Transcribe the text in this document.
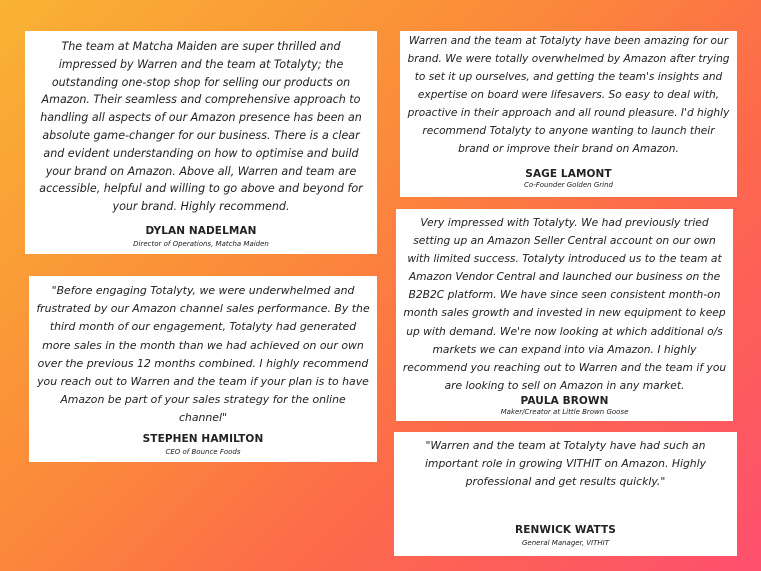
The team at Matcha Maiden are super thrilled and impressed by Warren and the team at Totalyty; the outstanding one-stop shop for selling our products on Amazon. Their seamless and comprehensive approach to handling all aspects of our Amazon presence has been an absolute game-changer for our business. There is a clear and evident understanding on how to optimise and build your brand on Amazon. Above all, Warren and team are accessible, helpful and willing to go above and beyond for your brand. Highly recommend.

DYLAN NADELMAN

Director of Operations, Matcha Maiden

Warren and the team at Totalyty have been amazing for our brand. We were totally overwhelmed by Amazon after trying to set it up ourselves, and getting the team's insights and expertise on board were lifesavers. So easy to deal with, proactive in their approach and all round pleasure. I'd highly recommend Totalyty to anyone wanting to launch their brand or improve their brand on Amazon.

SAGE LAMONT

Co-Founder Golden Grind

"Before engaging Totalyty, we were underwhelmed and frustrated by our Amazon channel sales performance. By the third month of our engagement, Totalyty had generated more sales in the month than we had achieved on our own over the previous 12 months combined. I highly recommend you reach out to Warren and the team if your plan is to have Amazon be part of your sales strategy for the online channel"

STEPHEN HAMILTON

CEO of Bounce Foods

Very impressed with Totalyty. We had previously tried setting up an Amazon Seller Central account on our own with limited success. Totalyty introduced us to the team at Amazon Vendor Central and launched our business on the B2B2C platform. We have since seen consistent month-on month sales growth and invested in new equipment to keep up with demand. We're now looking at which additional o/s markets we can expand into via Amazon. I highly recommend you reaching out to Warren and the team if you are looking to sell on Amazon in any market.

PAULA BROWN

Maker/Creator at Little Brown Goose

"Warren and the team at Totalyty have had such an important role in growing VITHIT on Amazon. Highly professional and get results quickly."

RENWICK WATTS

General Manager, VITHIT
